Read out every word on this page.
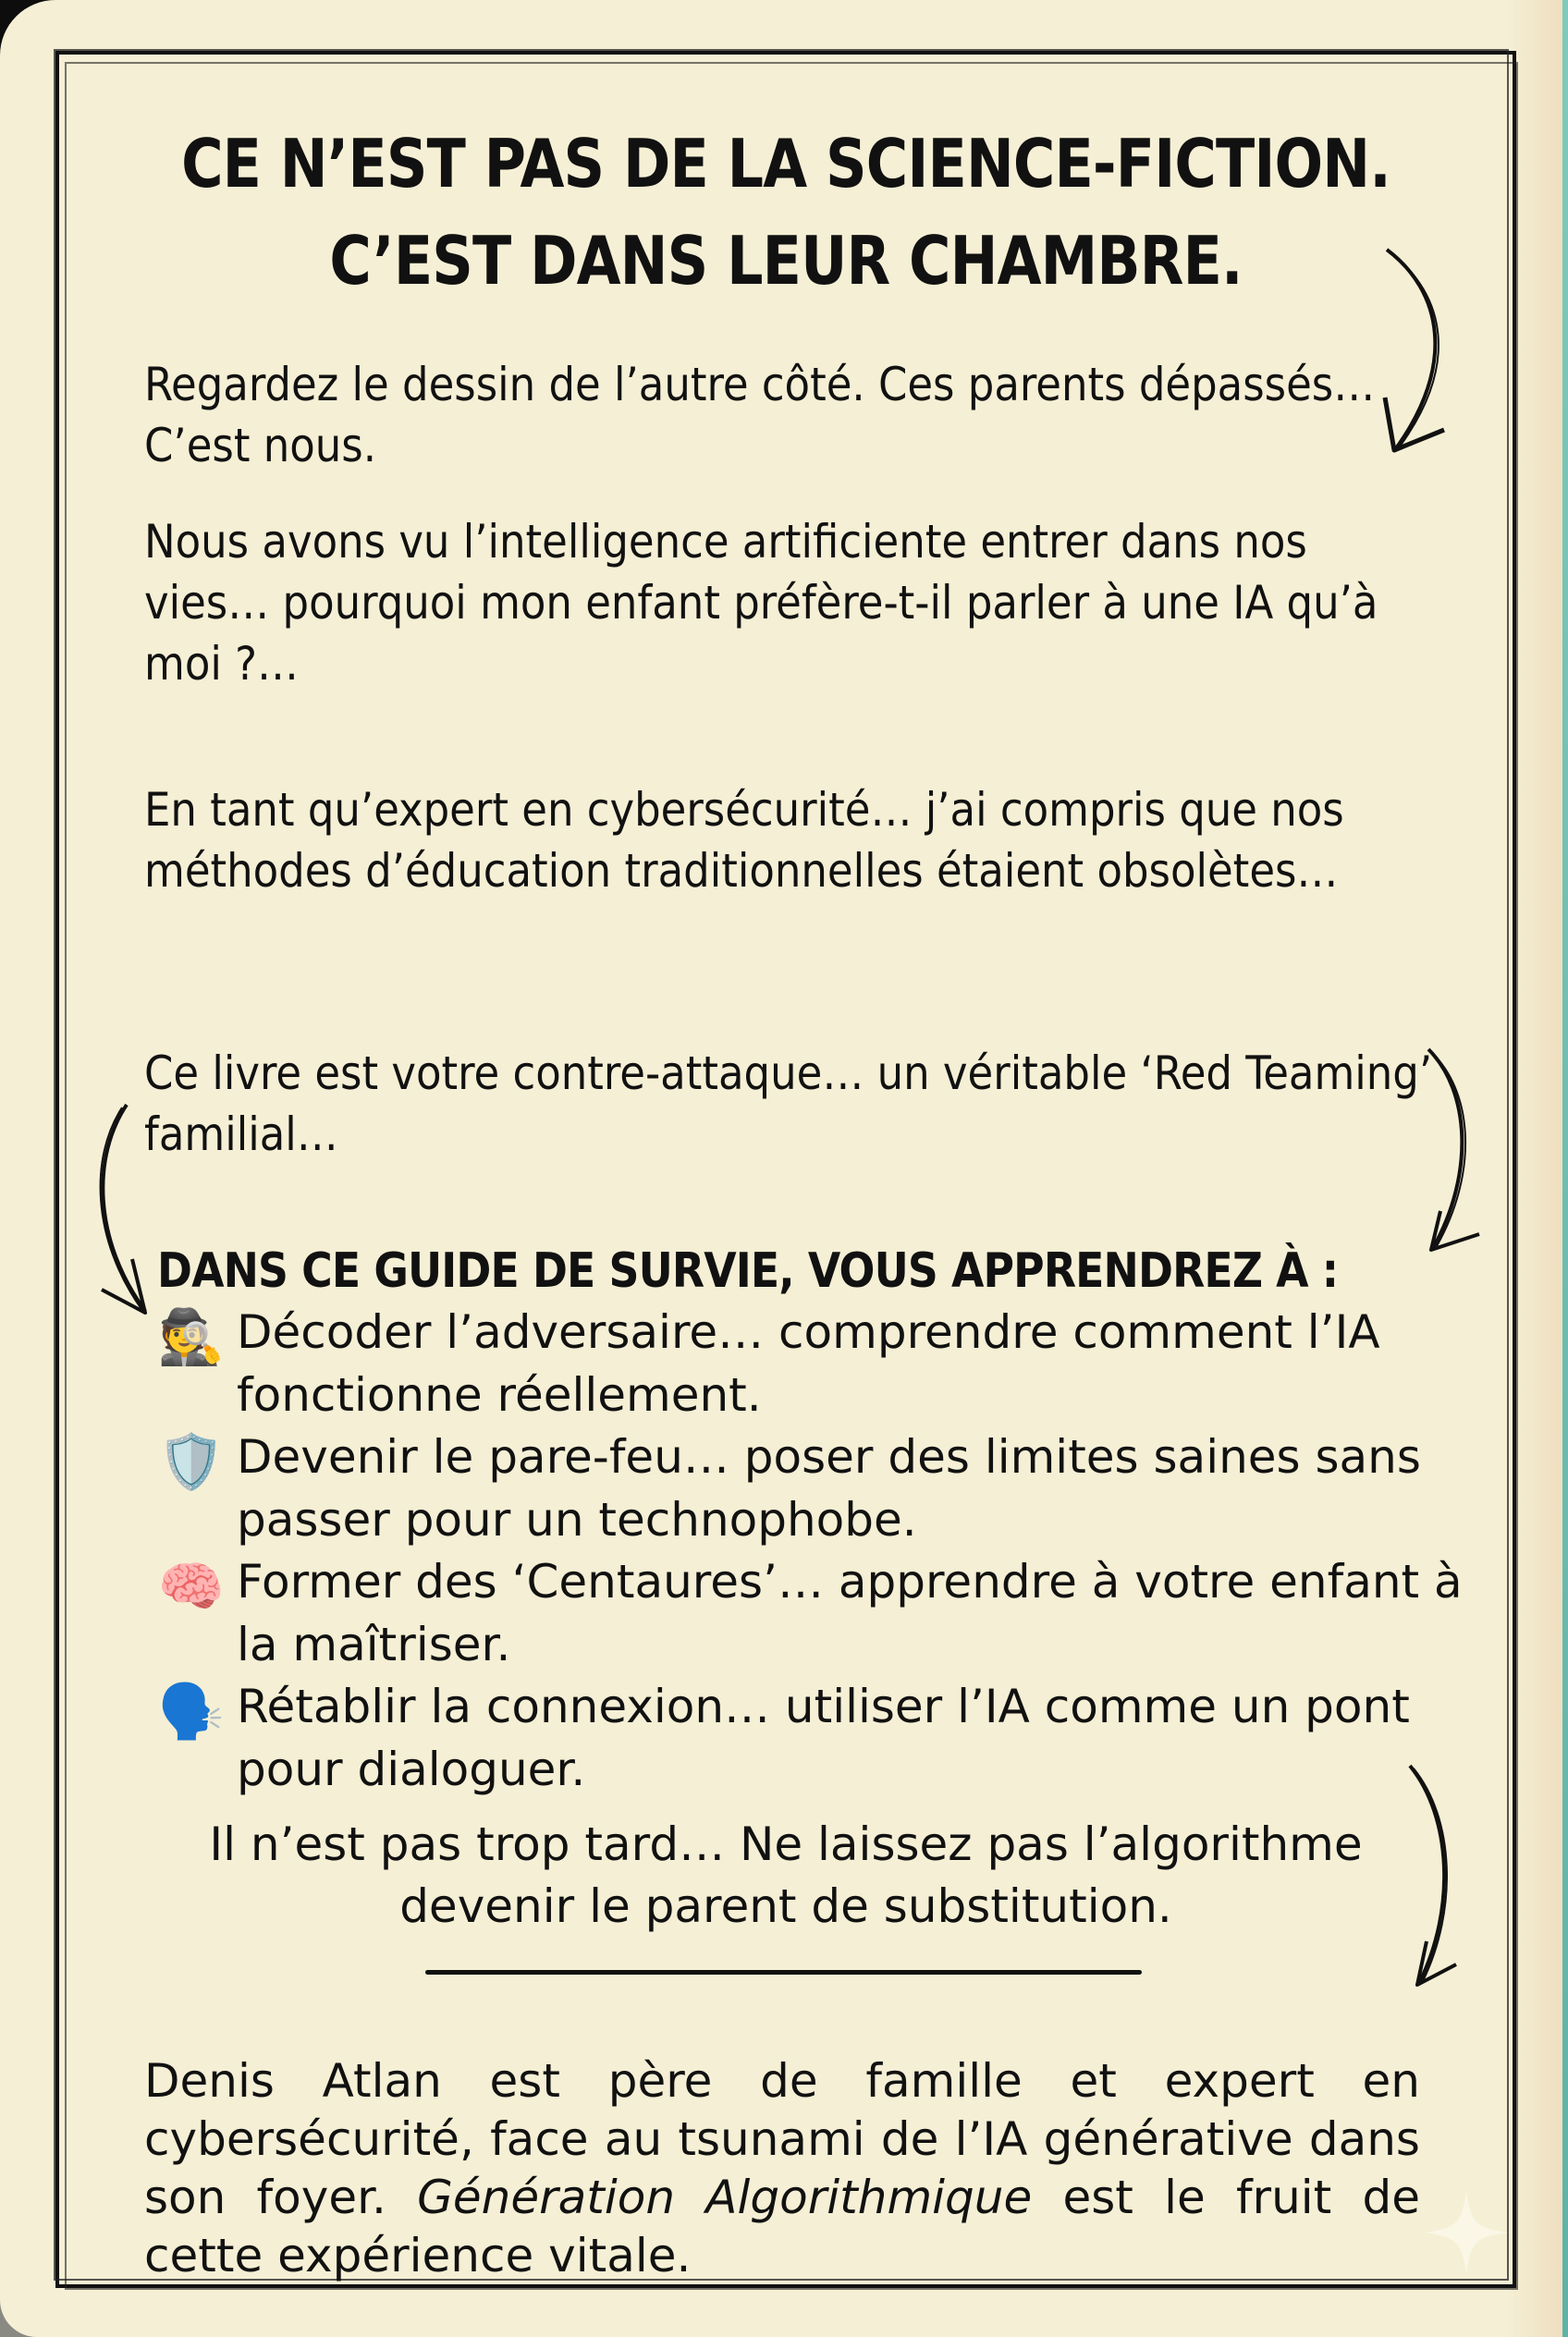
CE N’EST PAS DE LA SCIENCE-FICTION.
C’EST DANS LEUR CHAMBRE.

Regardez le dessin de l’autre côté. Ces parents dépassés… C’est nous.

Nous avons vu l’intelligence artificiente entrer dans nos vies… pourquoi mon enfant préfère-t-il parler à une IA qu’à moi ?…

En tant qu’expert en cybersécurité… j’ai compris que nos méthodes d’éducation traditionnelles étaient obsolètes…

Ce livre est votre contre-attaque… un véritable ‘Red Teaming’ familial…

DANS CE GUIDE DE SURVIE, VOUS APPRENDREZ À :
🕵️ Décoder l’adversaire… comprendre comment l’IA fonctionne réellement.
🛡️ Devenir le pare-feu… poser des limites saines sans passer pour un technophobe.
🧠 Former des ‘Centaures’… apprendre à votre enfant à la maîtriser.
🗣️ Rétablir la connexion… utiliser l’IA comme un pont pour dialoguer.
Il n’est pas trop tard… Ne laissez pas l’algorithme
devenir le parent de substitution.

Denis Atlan est père de famille et expert en cybersécurité, face au tsunami de l’IA générative dans son foyer. Génération Algorithmique est le fruit de cette expérience vitale.
